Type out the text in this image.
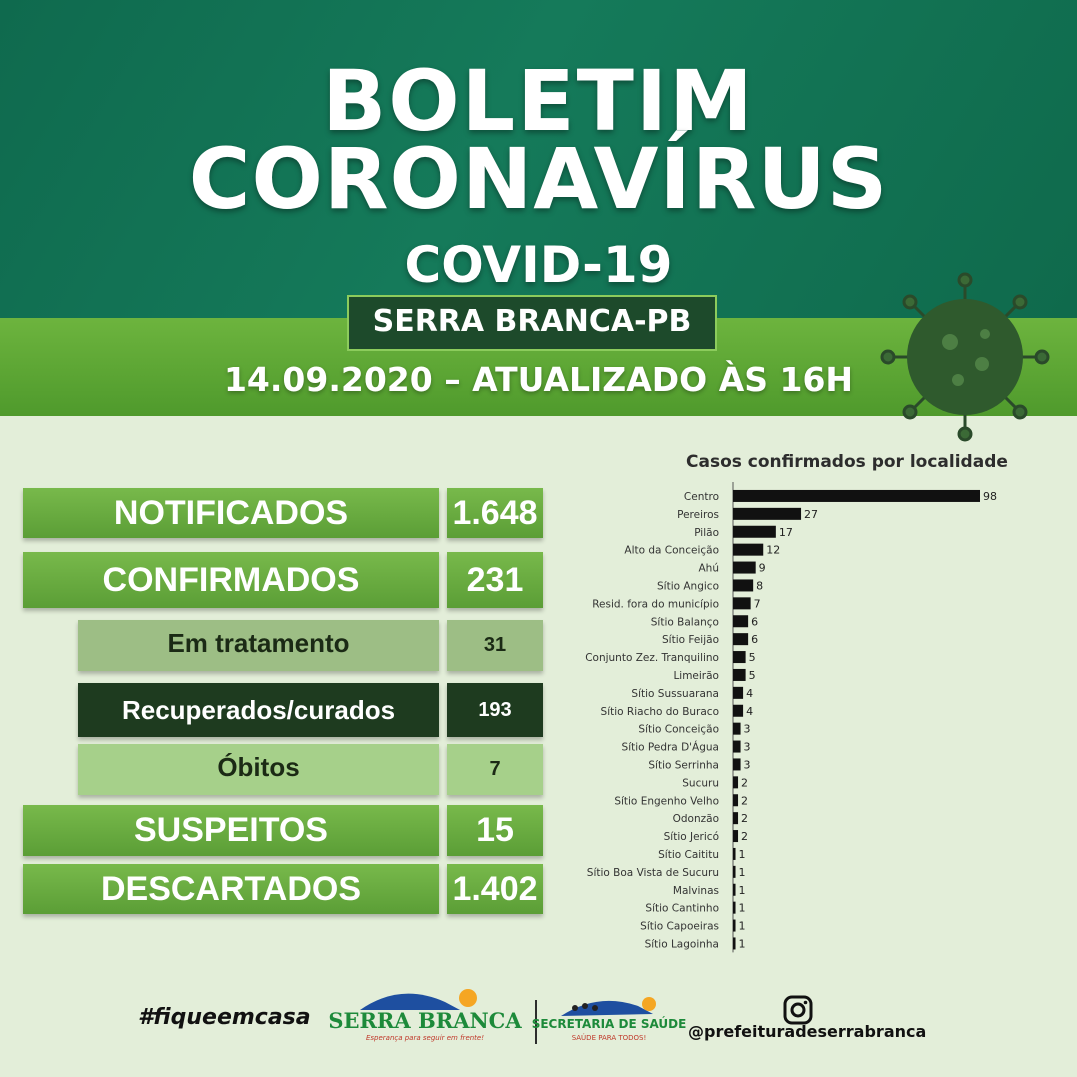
BOLETIM
CORONAVÍRUS
COVID-19
SERRA BRANCA-PB
14.09.2020 – ATUALIZADO ÀS 16H
NOTIFICADOS	1.648
CONFIRMADOS	231
Em tratamento	31
Recuperados/curados	193
Óbitos	7
SUSPEITOS	15
DESCARTADOS	1.402
Casos confirmados por localidade
Centro	98
Pereiros	27
Pilão	17
Alto da Conceição	12
Ahú	9
Sítio Angico	8
Resid. fora do município	7
Sítio Balanço	6
Sítio Feijão	6
Conjunto Zez. Tranquilino	5
Limeirão	5
Sítio Sussuarana 4
Sítio Riacho do Buraco 4
Sítio Conceição 3
Sítio Pedra D'Água 3
Sítio Serrinha 3
Sucuru 2
Sítio Engenho Velho 2
Odonzão 2
Sítio Jericó 2
Sítio Caititu 1
Sítio Boa Vista de Sucuru 1
Malvinas 1
Sítio Cantinho 1
Sítio Capoeiras 1
Sítio Lagoinha 1
#fiqueemcasa SERRA BRANCA
Esperança para seguir em frente!
SECRETARIA DE SAÚDE
SAÚDE PARA TODOS!	@prefeituradeserrabranca
